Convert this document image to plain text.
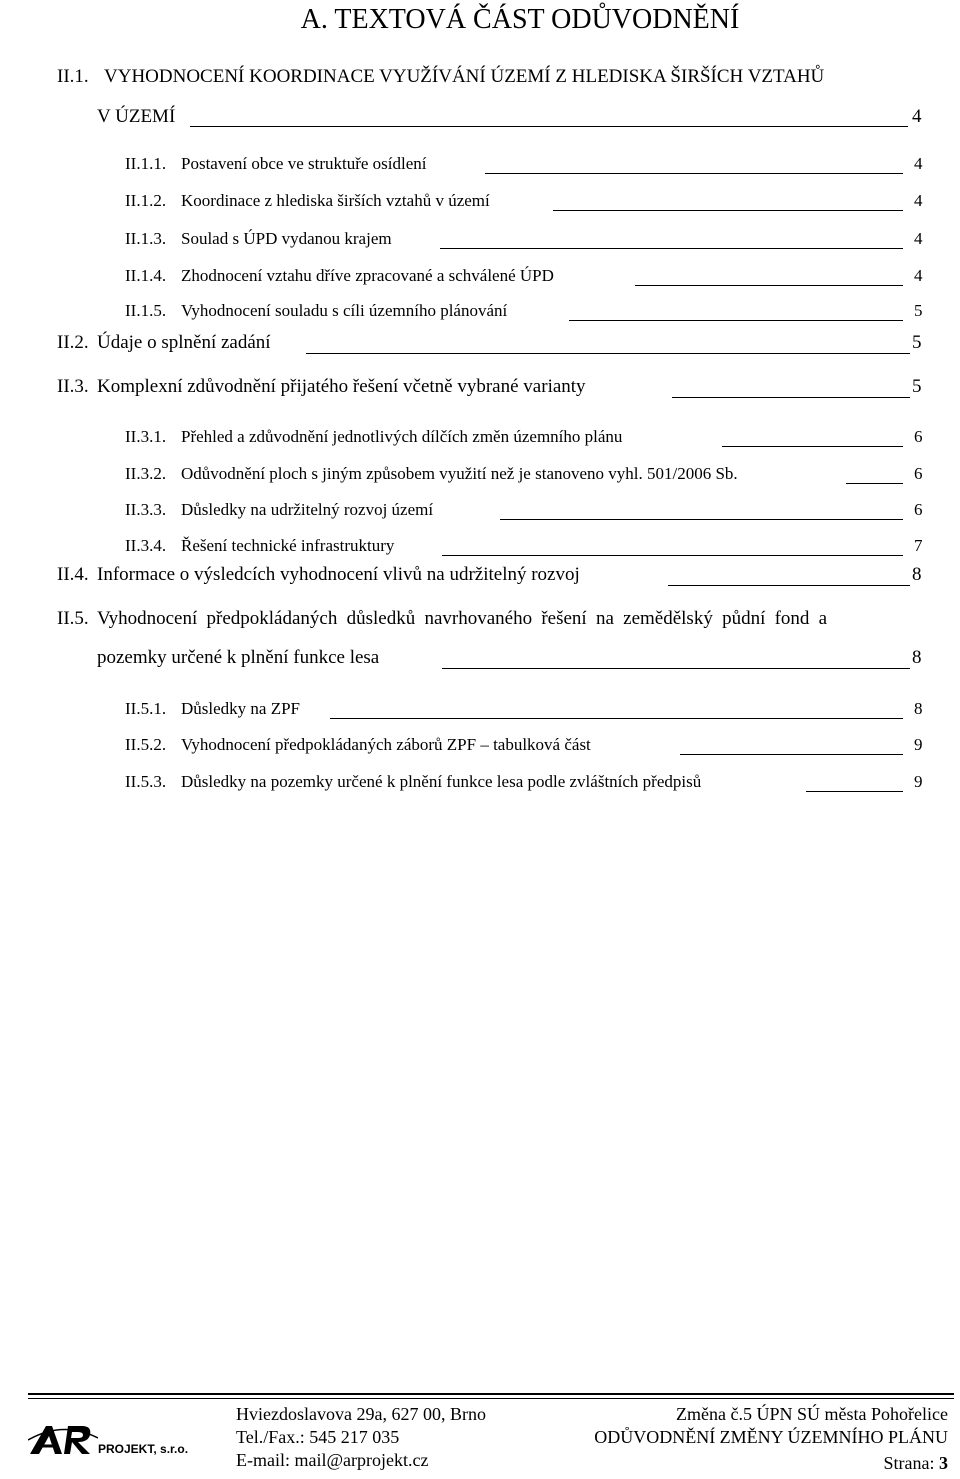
A. TEXTOVÁ ČÁST ODŮVODNĚNÍ
II.1. VYHODNOCENÍ KOORDINACE VYUŽÍVÁNÍ ÚZEMÍ Z HLEDISKA ŠIRŠÍCH VZTAHŮ
V ÚZEMÍ	4
II.1.1. Postavení obce ve struktuře osídlení	4
II.1.2. Koordinace z hlediska širších vztahů v území	4
II.1.3. Soulad s ÚPD vydanou krajem	4
II.1.4. Zhodnocení vztahu dříve zpracované a schválené ÚPD	4
II.1.5. Vyhodnocení souladu s cíli územního plánování	5
II.2. Údaje o splnění zadání	5
II.3. Komplexní zdůvodnění přijatého řešení včetně vybrané varianty	5
II.3.1. Přehled a zdůvodnění jednotlivých dílčích změn územního plánu	6
II.3.2. Odůvodnění ploch s jiným způsobem využití než je stanoveno vyhl. 501/2006 Sb.	6
II.3.3. Důsledky na udržitelný rozvoj území	6
II.3.4. Řešení technické infrastruktury	7
II.4. Informace o výsledcích vyhodnocení vlivů na udržitelný rozvoj	8
II.5. Vyhodnocení předpokládaných důsledků navrhovaného řešení na zemědělský půdní fond a
pozemky určené k plnění funkce lesa	8
II.5.1. Důsledky na ZPF	8
II.5.2. Vyhodnocení předpokládaných záborů ZPF – tabulková část	9
II.5.3. Důsledky na pozemky určené k plnění funkce lesa podle zvláštních předpisů	9
PROJEKT, s.r.o.
Hviezdoslavova 29a, 627 00, Brno
Tel./Fax.: 545 217 035
E-mail: mail@arprojekt.cz
Změna č.5 ÚPN SÚ města Pohořelice
ODŮVODNĚNÍ ZMĚNY ÚZEMNÍHO PLÁNU
Strana: 3
